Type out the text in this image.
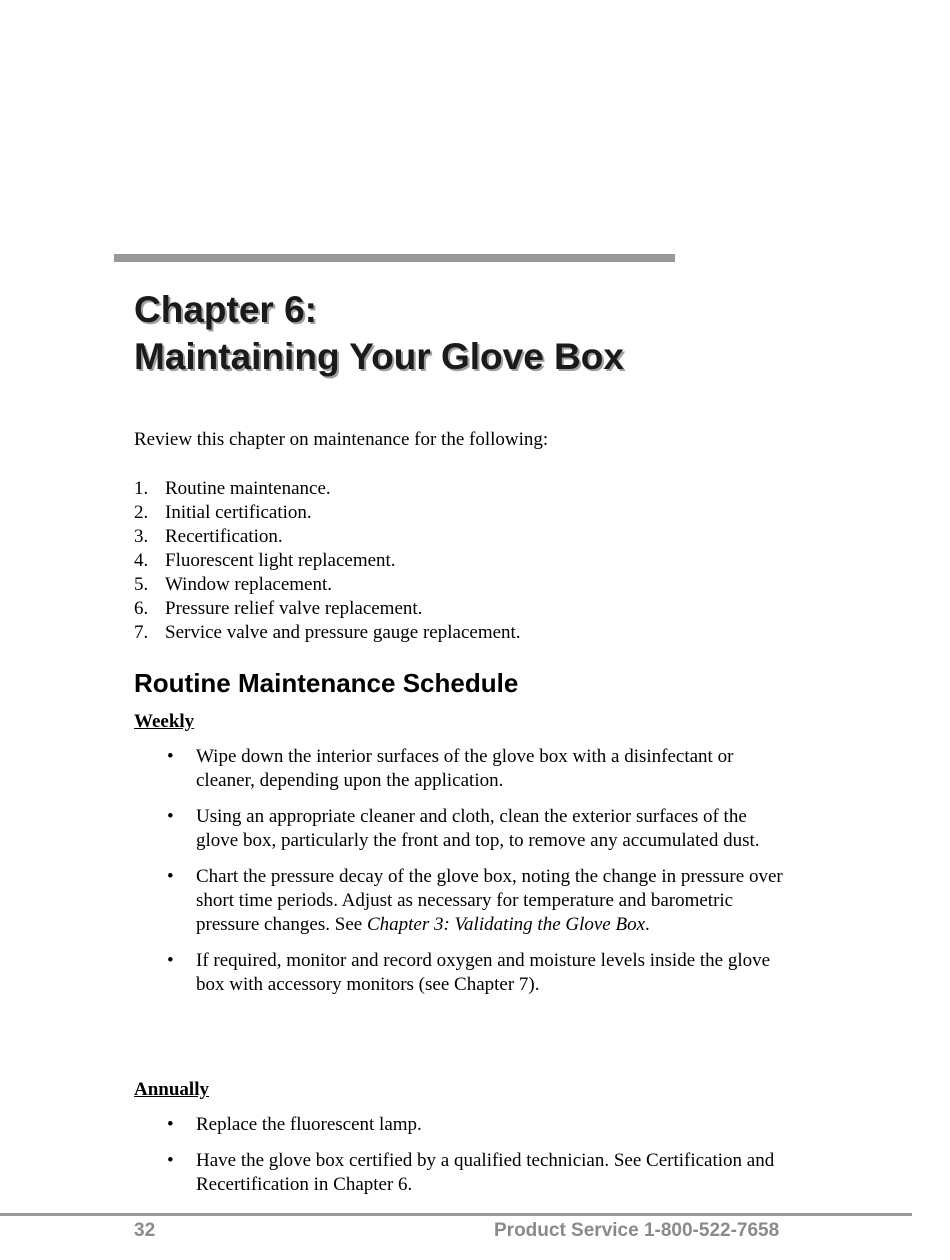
Chapter 6:
Maintaining Your Glove Box

Review this chapter on maintenance for the following:

1. Routine maintenance.
2. Initial certification.
3. Recertification.
4. Fluorescent light replacement.
5. Window replacement.
6. Pressure relief valve replacement.
7. Service valve and pressure gauge replacement.
Routine Maintenance Schedule
Weekly
• Wipe down the interior surfaces of the glove box with a disinfectant or cleaner, depending upon the application.
• Using an appropriate cleaner and cloth, clean the exterior surfaces of the glove box, particularly the front and top, to remove any accumulated dust.
• Chart the pressure decay of the glove box, noting the change in pressure over short time periods. Adjust as necessary for temperature and barometric pressure changes. See Chapter 3: Validating the Glove Box.
• If required, monitor and record oxygen and moisture levels inside the glove box with accessory monitors (see Chapter 7).
Annually
• Replace the fluorescent lamp.
• Have the glove box certified by a qualified technician. See Certification and Recertification in Chapter 6.

32	Product Service 1-800-522-7658
